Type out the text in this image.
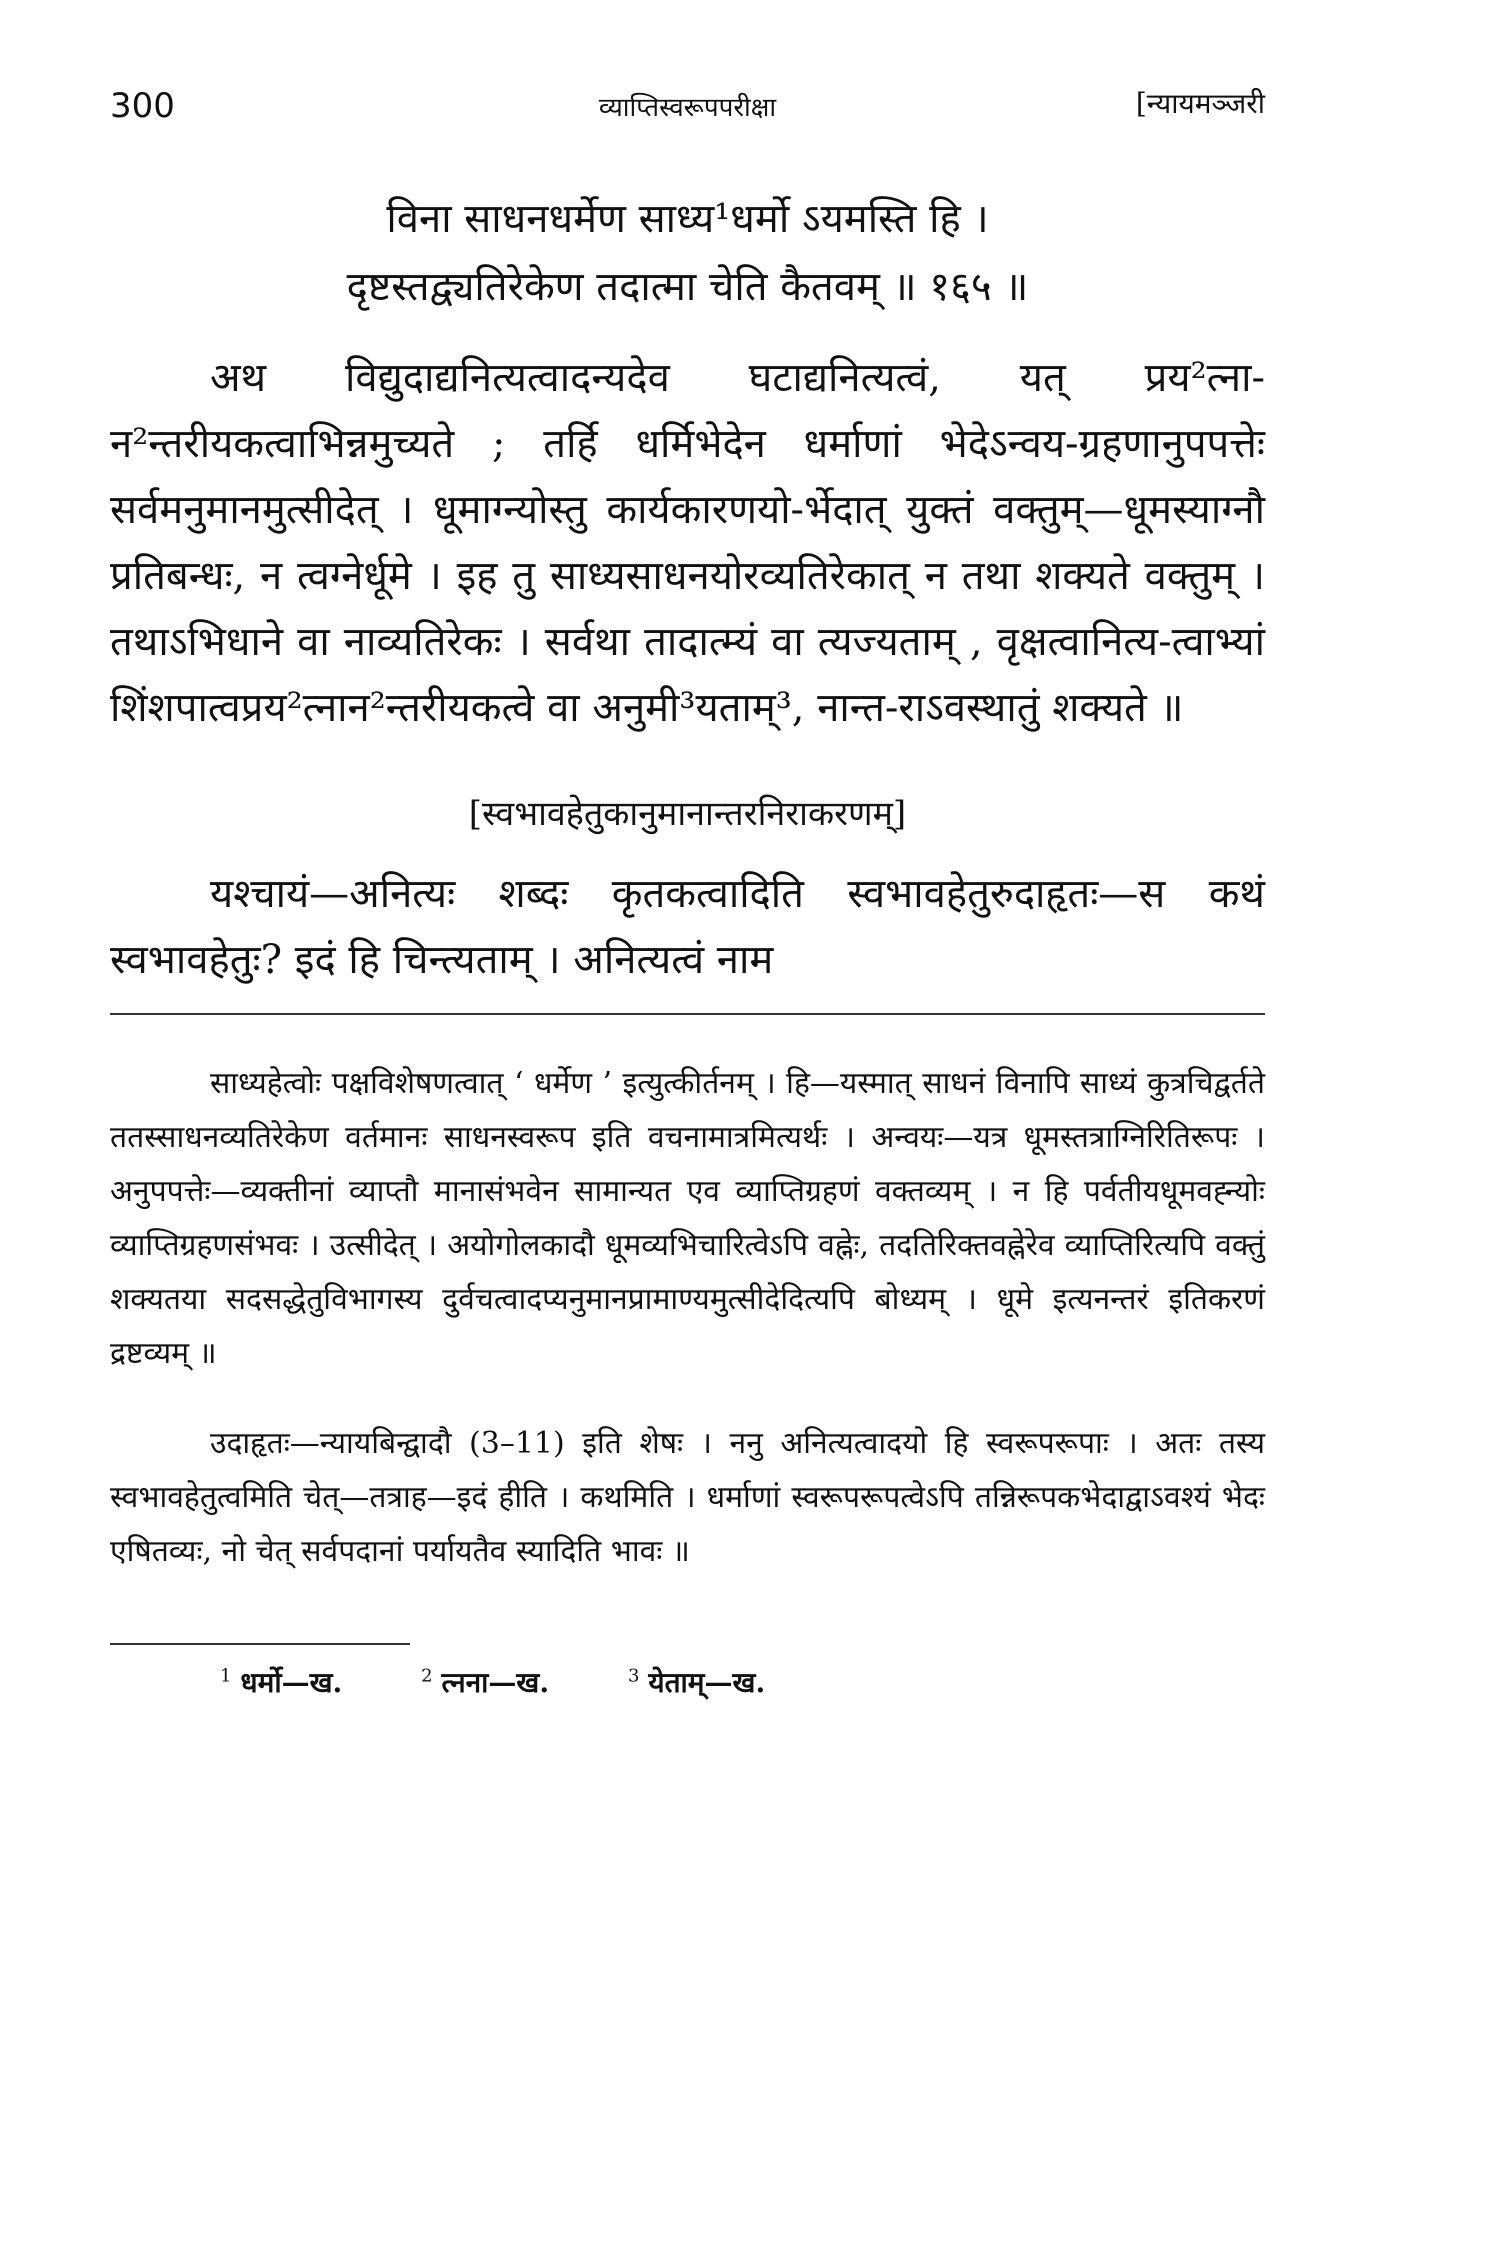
300	व्याप्तिस्वरूपपरीक्षा	[न्यायमञ्जरी
विना साधनधर्मेण साध्य¹धर्मो ऽयमस्ति हि ।
दृष्टस्तद्व्यतिरेकेण तदात्मा चेति कैतवम् ॥ १६५ ॥
अथ विद्युदाद्यनित्यत्वादन्यदेव घटाद्यनित्यत्वं, यत् प्रय²त्ना-न²न्तरीयकत्वाभिन्नमुच्यते ; तर्हि धर्मिभेदेन धर्माणां भेदेऽन्वय-ग्रहणानुपपत्तेः सर्वमनुमानमुत्सीदेत् । धूमाग्न्योस्तु कार्यकारणयो-र्भेदात् युक्तं वक्तुम्—धूमस्याग्नौ प्रतिबन्धः, न त्वग्नेर्धूमे । इह तु साध्यसाधनयोरव्यतिरेकात् न तथा शक्यते वक्तुम् । तथाऽभिधाने वा नाव्यतिरेकः । सर्वथा तादात्म्यं वा त्यज्यताम् , वृक्षत्वानित्य-त्वाभ्यां शिंशपात्वप्रय²त्नान²न्तरीयकत्वे वा अनुमी³यताम्³, नान्त-राऽवस्थातुं शक्यते ॥
[स्वभावहेतुकानुमानान्तरनिराकरणम्]
यश्चायं—अनित्यः शब्दः कृतकत्वादिति स्वभावहेतुरुदाहृतः—स कथं स्वभावहेतुः? इदं हि चिन्त्यताम् । अनित्यत्वं नाम
साध्यहेत्वोः पक्षविशेषणत्वात् ‘ धर्मेण ’ इत्युत्कीर्तनम् । हि—यस्मात् साधनं विनापि साध्यं कुत्रचिद्वर्तते ततस्साधनव्यतिरेकेण वर्तमानः साधनस्वरूप इति वचनामात्रमित्यर्थः । अन्वयः—यत्र धूमस्तत्राग्निरितिरूपः । अनुपपत्तेः—व्यक्तीनां व्याप्तौ मानासंभवेन सामान्यत एव व्याप्तिग्रहणं वक्तव्यम् । न हि पर्वतीयधूमवह्न्योः व्याप्तिग्रहणसंभवः । उत्सीदेत् । अयोगोलकादौ धूमव्यभिचारित्वेऽपि वह्नेः, तदतिरिक्तवह्नेरेव व्याप्तिरित्यपि वक्तुं शक्यतया सदसद्धेतुविभागस्य दुर्वचत्वादप्यनुमानप्रामाण्यमुत्सीदेदित्यपि बोध्यम् । धूमे इत्यनन्तरं इतिकरणं द्रष्टव्यम् ॥
उदाहृतः—न्यायबिन्द्वादौ (3–11) इति शेषः । ननु अनित्यत्वादयो हि स्वरूपरूपाः । अतः तस्य स्वभावहेतुत्वमिति चेत्—तत्राह—इदं हीति । कथमिति । धर्माणां स्वरूपरूपत्वेऽपि तन्निरूपकभेदाद्वाऽवश्यं भेदः एषितव्यः, नो चेत् सर्वपदानां पर्यायतैव स्यादिति भावः ॥
$^1$ धर्मो—ख.	$^2$ त्नना—ख.	$^3$ येताम्—ख.
